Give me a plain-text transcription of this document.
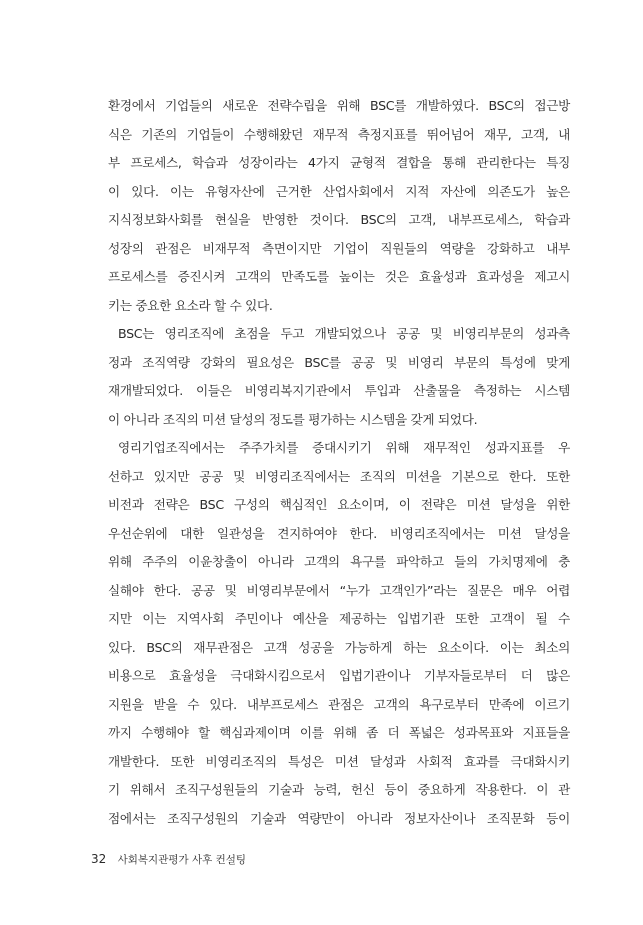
환경에서 기업들의 새로운 전략수립을 위해 BSC를 개발하였다. BSC의 접근방
식은 기존의 기업들이 수행해왔던 재무적 측정지표를 뛰어넘어 재무, 고객, 내
부 프로세스, 학습과 성장이라는 4가지 균형적 결합을 통해 관리한다는 특징
이 있다. 이는 유형자산에 근거한 산업사회에서 지적 자산에 의존도가 높은
지식정보화사회를 현실을 반영한 것이다. BSC의 고객, 내부프로세스, 학습과
성장의 관점은 비재무적 측면이지만 기업이 직원들의 역량을 강화하고 내부
프로세스를 증진시켜 고객의 만족도를 높이는 것은 효율성과 효과성을 제고시
키는 중요한 요소라 할 수 있다.
BSC는 영리조직에 초점을 두고 개발되었으나 공공 및 비영리부문의 성과측
정과 조직역량 강화의 필요성은 BSC를 공공 및 비영리 부문의 특성에 맞게
재개발되었다. 이들은 비영리복지기관에서 투입과 산출물을 측정하는 시스템
이 아니라 조직의 미션 달성의 정도를 평가하는 시스템을 갖게 되었다.
영리기업조직에서는 주주가치를 증대시키기 위해 재무적인 성과지표를 우
선하고 있지만 공공 및 비영리조직에서는 조직의 미션을 기본으로 한다. 또한
비전과 전략은 BSC 구성의 핵심적인 요소이며, 이 전략은 미션 달성을 위한
우선순위에 대한 일관성을 견지하여야 한다. 비영리조직에서는 미션 달성을
위해 주주의 이윤창출이 아니라 고객의 욕구를 파악하고 들의 가치명제에 충
실해야 한다. 공공 및 비영리부문에서 “누가 고객인가”라는 질문은 매우 어렵
지만 이는 지역사회 주민이나 예산을 제공하는 입법기관 또한 고객이 될 수
있다. BSC의 재무관점은 고객 성공을 가능하게 하는 요소이다. 이는 최소의
비용으로 효율성을 극대화시킴으로서 입법기관이나 기부자들로부터 더 많은
지원을 받을 수 있다. 내부프로세스 관점은 고객의 욕구로부터 만족에 이르기
까지 수행해야 할 핵심과제이며 이를 위해 좀 더 폭넓은 성과목표와 지표들을
개발한다. 또한 비영리조직의 특성은 미션 달성과 사회적 효과를 극대화시키
기 위해서 조직구성원들의 기술과 능력, 헌신 등이 중요하게 작용한다. 이 관
점에서는 조직구성원의 기술과 역량만이 아니라 정보자산이나 조직문화 등이
32 사회복지관평가 사후 컨설팅
